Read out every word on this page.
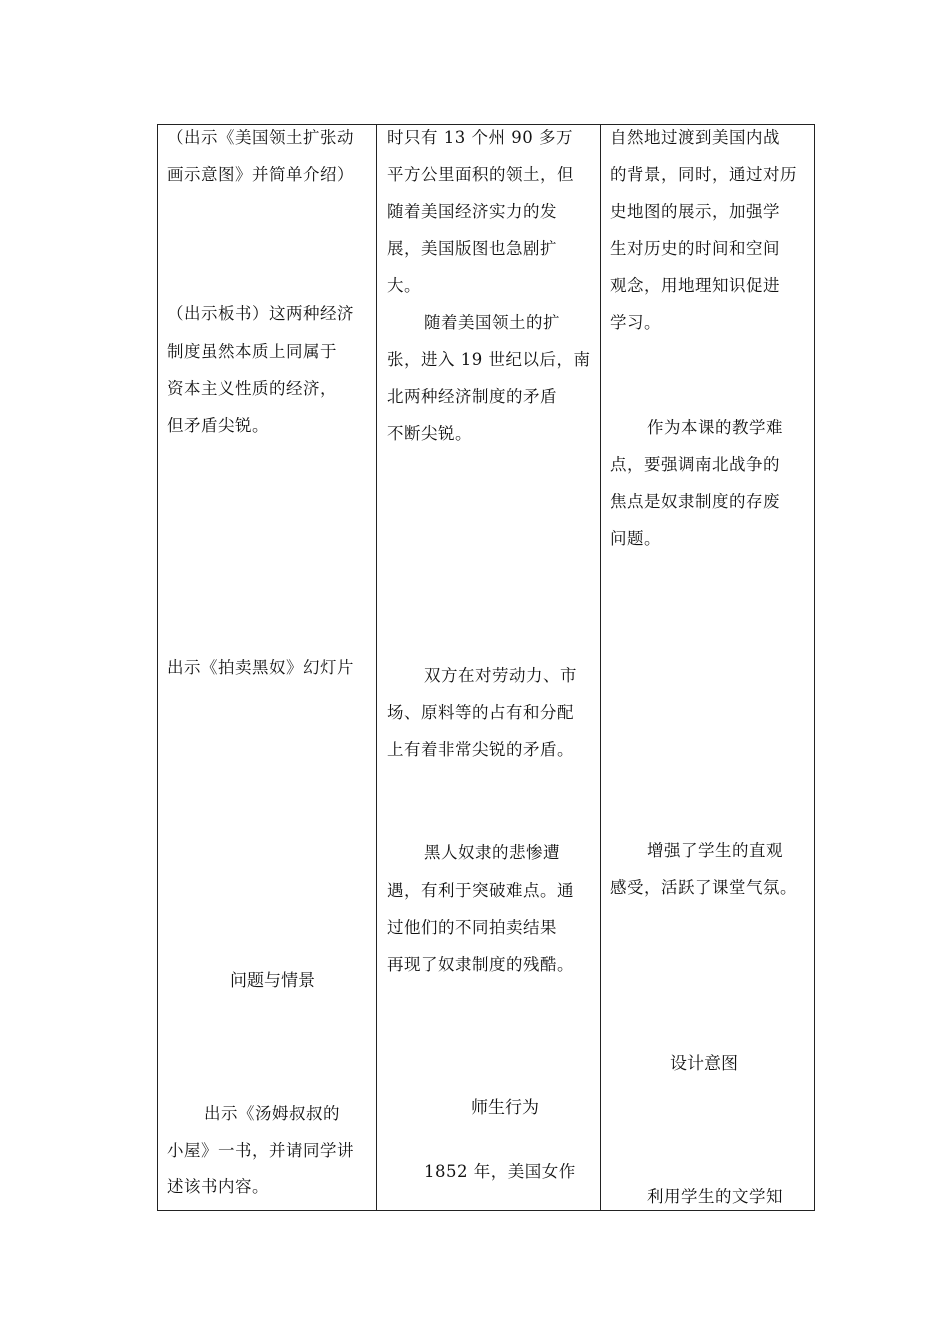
（出示《美国领土扩张动
画示意图》并简单介绍）
（出示板书）这两种经济
制度虽然本质上同属于
资本主义性质的经济，
但矛盾尖锐。
出示《拍卖黑奴》幻灯片
问题与情景
出示《汤姆叔叔的
小屋》一书，并请同学讲
述该书内容。
时只有 13 个州 90 多万
平方公里面积的领土，但
随着美国经济实力的发
展，美国版图也急剧扩
大。
随着美国领土的扩
张，进入 19 世纪以后，南
北两种经济制度的矛盾
不断尖锐。
双方在对劳动力、市
场、原料等的占有和分配
上有着非常尖锐的矛盾。
黑人奴隶的悲惨遭
遇，有利于突破难点。通
过他们的不同拍卖结果
再现了奴隶制度的残酷。
师生行为
1852 年，美国女作
自然地过渡到美国内战
的背景，同时，通过对历
史地图的展示，加强学
生对历史的时间和空间
观念，用地理知识促进
学习。
作为本课的教学难
点，要强调南北战争的
焦点是奴隶制度的存废
问题。
增强了学生的直观
感受，活跃了课堂气氛。
设计意图
利用学生的文学知
